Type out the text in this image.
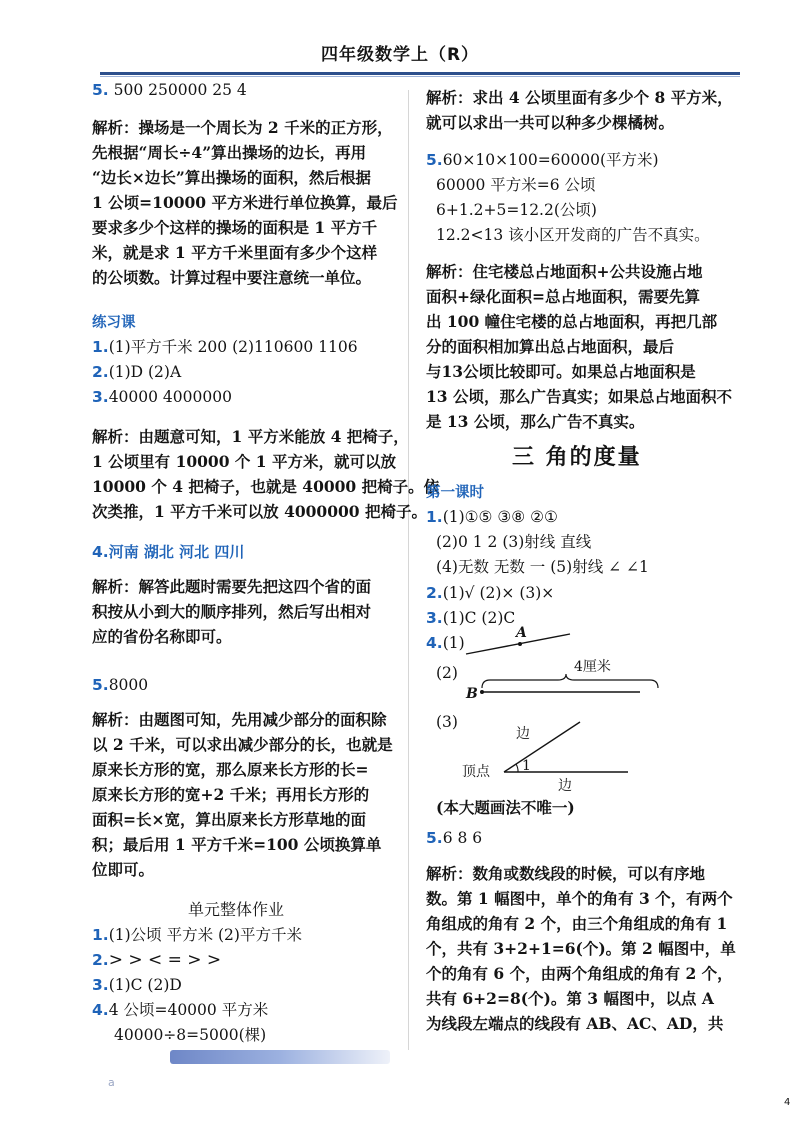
四年级数学上（R）
5. 500 250000 25 4
解析：操场是一个周长为 2 千米的正方形，
先根据“周长÷4”算出操场的边长，再用
“边长×边长”算出操场的面积，然后根据
1 公顷=10000 平方米进行单位换算，最后
要求多少个这样的操场的面积是 1 平方千
米，就是求 1 平方千米里面有多少个这样
的公顷数。计算过程中要注意统一单位。
练习课
1.(1)平方千米 200 (2)110600 1106
2.(1)D (2)A
3.40000 4000000
解析：由题意可知，1 平方米能放 4 把椅子，
1 公顷里有 10000 个 1 平方米，就可以放
10000 个 4 把椅子，也就是 40000 把椅子。依
次类推，1 平方千米可以放 4000000 把椅子。
4.河南 湖北 河北 四川
解析：解答此题时需要先把这四个省的面
积按从小到大的顺序排列，然后写出相对
应的省份名称即可。
5.8000
解析：由题图可知，先用减少部分的面积除
以 2 千米，可以求出减少部分的长，也就是
原来长方形的宽，那么原来长方形的长=
原来长方形的宽+2 千米；再用长方形的
面积=长×宽，算出原来长方形草地的面
积；最后用 1 平方千米=100 公顷换算单
位即可。
单元整体作业
1.(1)公顷 平方米 (2)平方千米
2.> > < = > >
3.(1)C (2)D
4.4 公顷=40000 平方米
40000÷8=5000(棵)
a
解析：求出 4 公顷里面有多少个 8 平方米，
就可以求出一共可以种多少棵橘树。
5.60×10×100=60000(平方米)
60000 平方米=6 公顷
6+1.2+5=12.2(公顷)
12.2<13 该小区开发商的广告不真实。
解析：住宅楼总占地面积+公共设施占地
面积+绿化面积=总占地面积，需要先算
出 100 幢住宅楼的总占地面积，再把几部
分的面积相加算出总占地面积，最后
与13公顷比较即可。如果总占地面积是
13 公顷，那么广告真实；如果总占地面积不
是 13 公顷，那么广告不真实。
三 角的度量
第一课时
1.(1)①⑤ ③⑧ ②①
(2)0 1 2 (3)射线 直线
(4)无数 无数 一 (5)射线 ∠ ∠1
2.(1)√ (2)× (3)×
3.(1)C (2)C
4.(1)
(2)
(3)
A
4厘米
B
边
1
顶点
边
(本大题画法不唯一)
5.6 8 6
解析：数角或数线段的时候，可以有序地
数。第 1 幅图中，单个的角有 3 个，有两个
角组成的角有 2 个，由三个角组成的角有 1
个，共有 3+2+1=6(个)。第 2 幅图中，单
个的角有 6 个，由两个角组成的角有 2 个，
共有 6+2=8(个)。第 3 幅图中，以点 A
为线段左端点的线段有 AB、AC、AD，共
4
